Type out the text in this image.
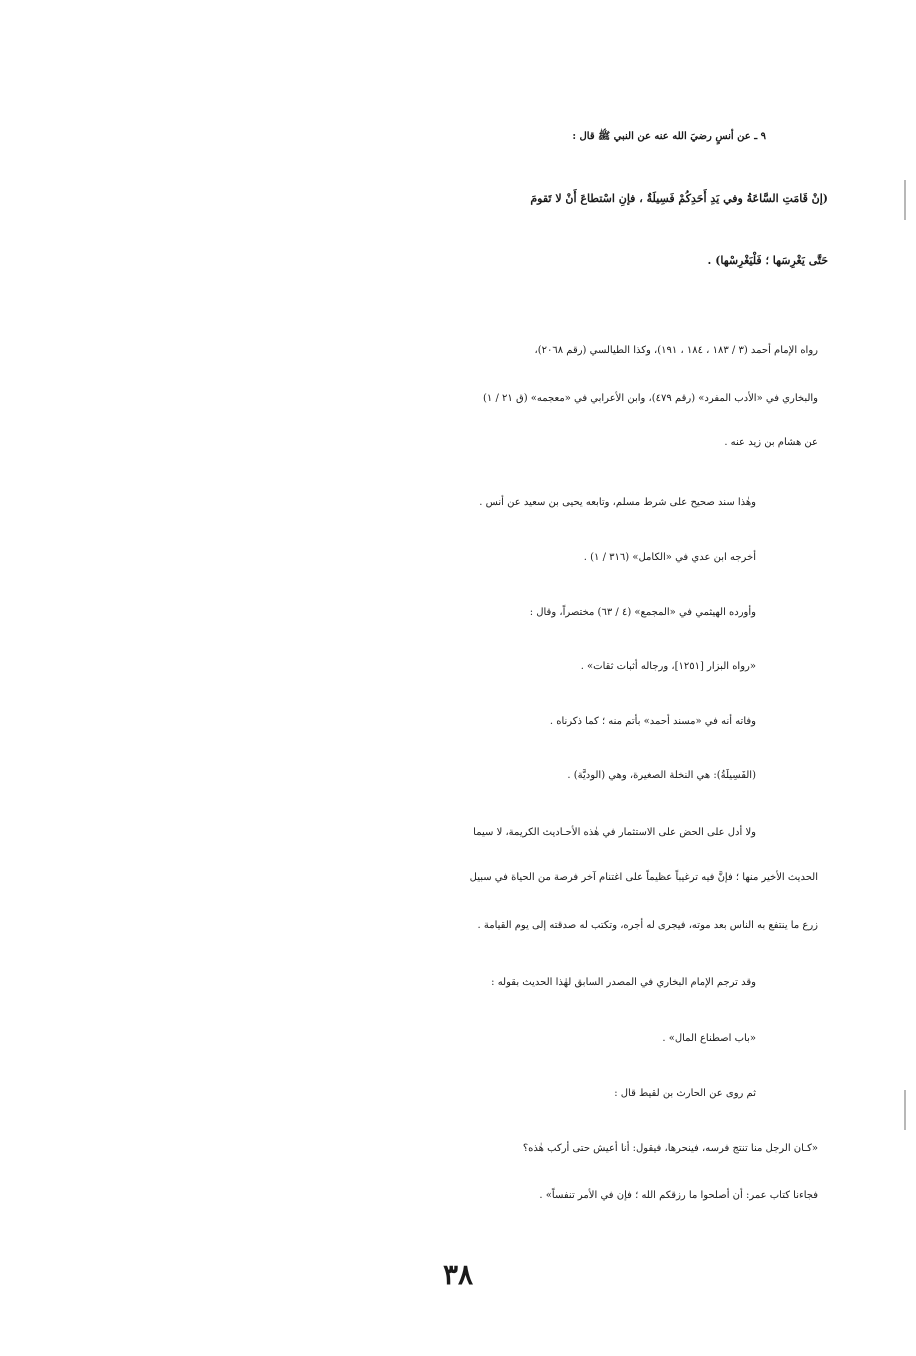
٩ ـ عن أنسٍ رضيَ الله عنه عن النبي ﷺ قال :
(إنْ قَامَتِ السَّاعَةُ وفي يَدِ أَحَدِكُمْ فَسِيلَةٌ ، فإنِ اسْتطاعَ أَنْ لا تَقومَ
حَتَّى يَغْرِسَها ؛ فَلْيَغْرِسْها) .
رواه الإمام أحمد (٣ / ١٨٣ ، ١٨٤ ، ١٩١)، وكذا الطيالسي (رقم ٢٠٦٨)،
والبخاري في «الأدب المفرد» (رقم ٤٧٩)، وابن الأعرابي في «معجمه» (ق ٢١ / ١)
عن هشام بن زيد عنه .
وهٰذا سند صحيح على شرط مسلم، وتابعه يحيى بن سعيد عن أنس .
أخرجه ابن عدي في «الكامل» (٣١٦ / ١) .
وأورده الهيثمي في «المجمع» (٤ / ٦٣) مختصراً، وقال :
«رواه البزار [١٢٥١]، ورجاله أثبات ثقات» .
وفاته أنه في «مسند أحمد» بأتم منه ؛ كما ذكرناه .
(الفَسِيلَةُ): هي النخلة الصغيرة، وهي (الوديَّة) .
ولا أدل على الحض على الاستثمار في هٰذه الأحـاديث الكريمة، لا سيما
الحديث الأخير منها ؛ فإنَّ فيه ترغيباً عظيماً على اغتنام آخر فرصة من الحياة في سبيل
زرع ما ينتفع به الناس بعد موته، فيجرى له أجره، وتكتب له صدقته إلى يوم القيامة .
وقد ترجم الإمام البخاري في المصدر السابق لهٰذا الحديث بقوله :
«باب اصطناع المال» .
ثم روى عن الحارث بن لقيط قال :
«كـان الرجل منا تنتج فرسه، فينحرها، فيقول: أنا أعيش حتى أركب هٰذه؟
فجاءنا كتاب عمر: أن أصلحوا ما رزقكم الله ؛ فإن في الأمر تنفساً» .
٣٨
